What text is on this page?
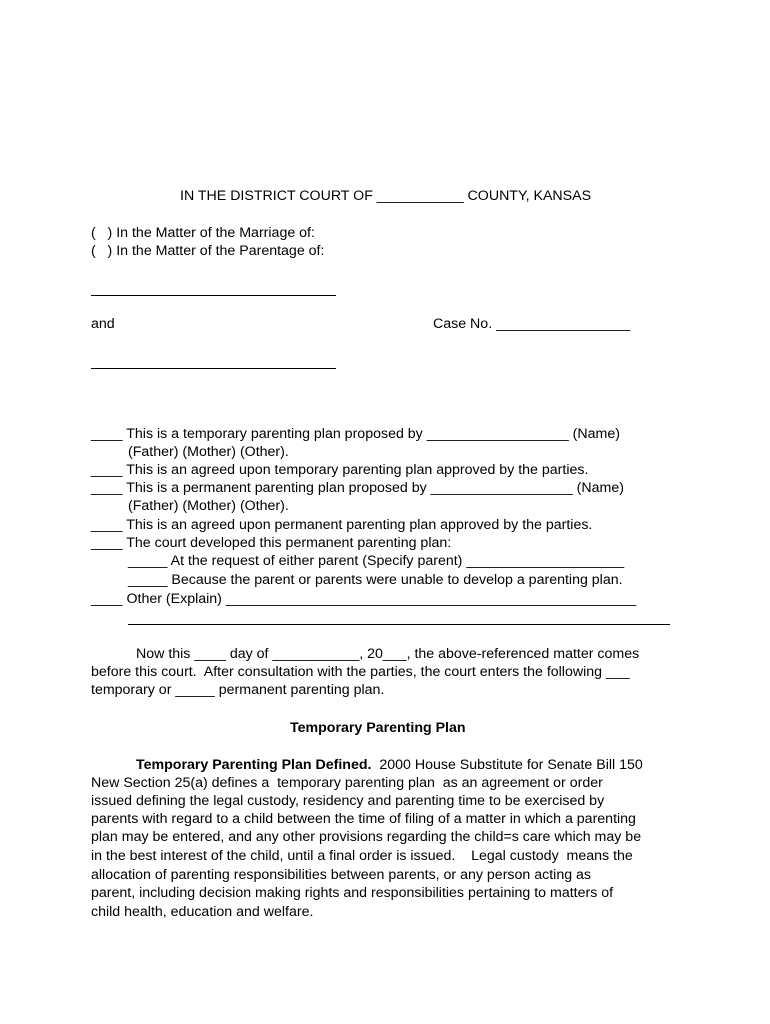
IN THE DISTRICT COURT OF ___________ COUNTY, KANSAS
(   ) In the Matter of the Marriage of:
(   ) In the Matter of the Parentage of:
and	Case No. _________________
____ This is a temporary parenting plan proposed by __________________ (Name)
(Father) (Mother) (Other).
____ This is an agreed upon temporary parenting plan approved by the parties.
____ This is a permanent parenting plan proposed by __________________ (Name)
(Father) (Mother) (Other).
____ This is an agreed upon permanent parenting plan approved by the parties.
____ The court developed this permanent parenting plan:
_____ At the request of either parent (Specify parent) ____________________
_____ Because the parent or parents were unable to develop a parenting plan.
____ Other (Explain) ____________________________________________________
Now this ____ day of ___________, 20___, the above-referenced matter comes
before this court.  After consultation with the parties, the court enters the following ___
temporary or _____ permanent parenting plan.
Temporary Parenting Plan
Temporary Parenting Plan Defined.  2000 House Substitute for Senate Bill 150
New Section 25(a) defines a  temporary parenting plan  as an agreement or order
issued defining the legal custody, residency and parenting time to be exercised by
parents with regard to a child between the time of filing of a matter in which a parenting
plan may be entered, and any other provisions regarding the child=s care which may be
in the best interest of the child, until a final order is issued.    Legal custody  means the
allocation of parenting responsibilities between parents, or any person acting as
parent, including decision making rights and responsibilities pertaining to matters of
child health, education and welfare.
